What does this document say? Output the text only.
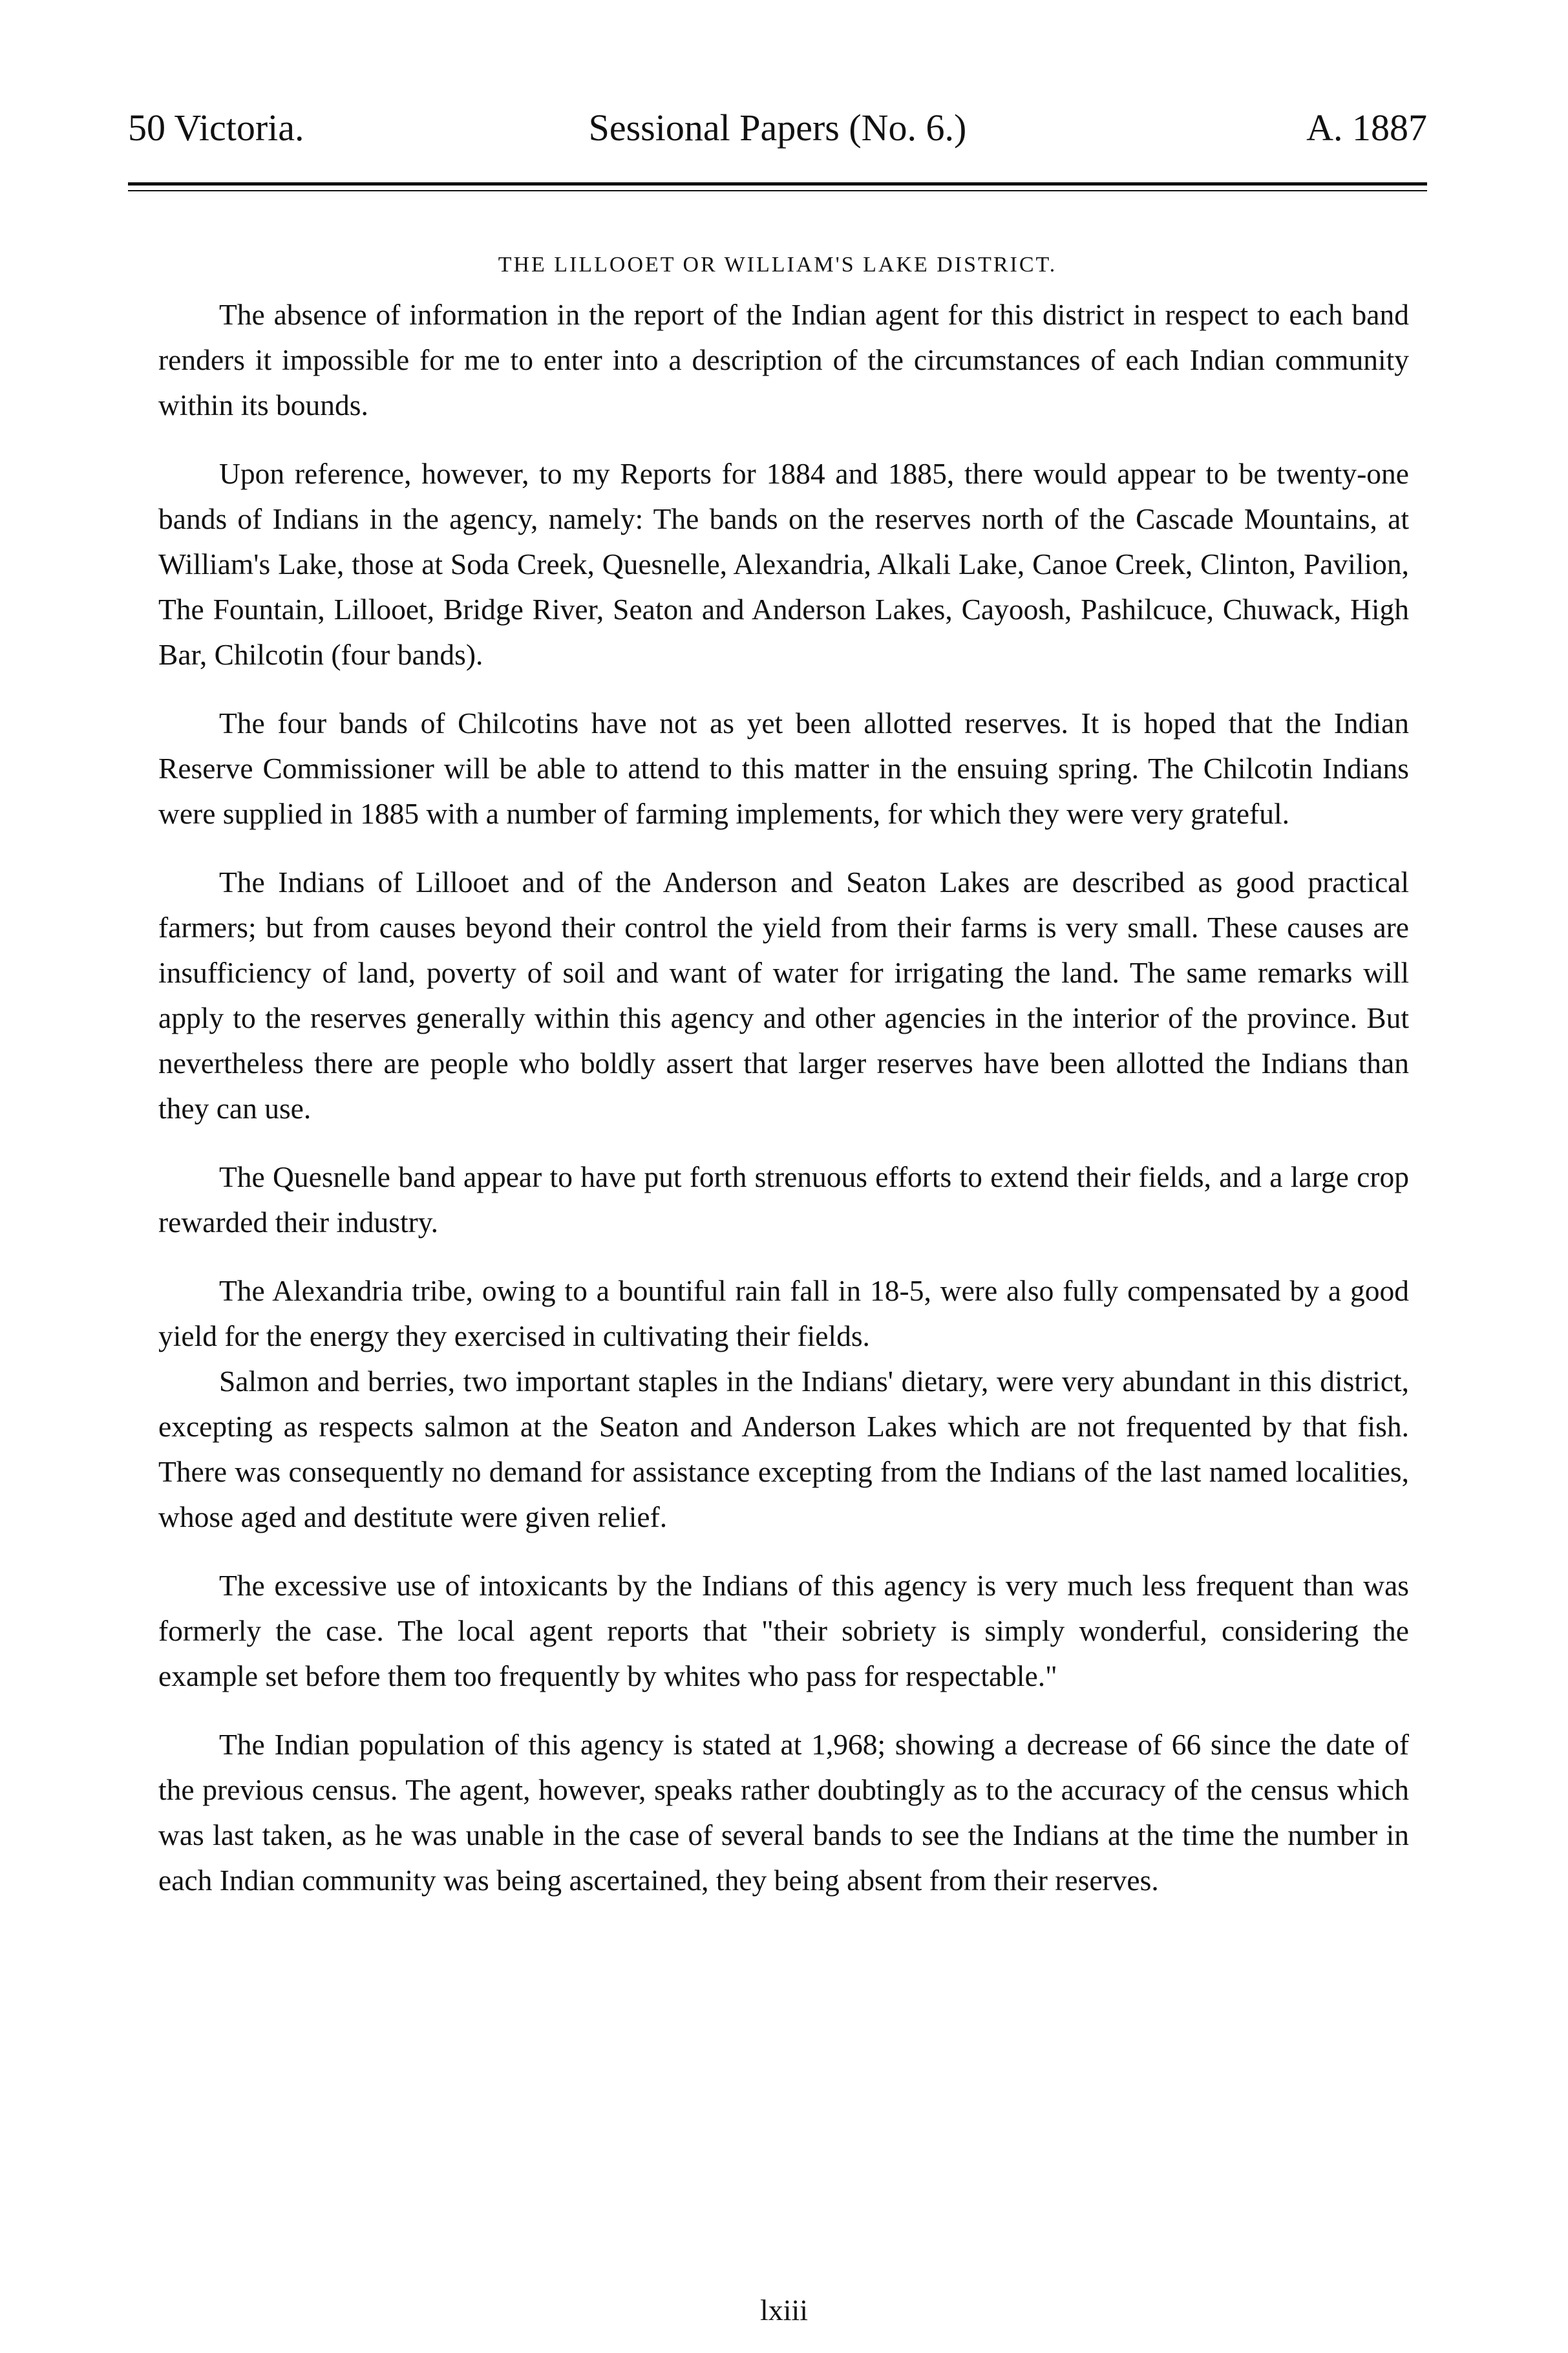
50 Victoria.	Sessional Papers (No. 6.)	A. 1887
THE LILLOOET OR WILLIAM'S LAKE DISTRICT.

The absence of information in the report of the Indian agent for this district in respect to each band renders it impossible for me to enter into a description of the circumstances of each Indian community within its bounds.

Upon reference, however, to my Reports for 1884 and 1885, there would appear to be twenty-one bands of Indians in the agency, namely: The bands on the reserves north of the Cascade Mountains, at William's Lake, those at Soda Creek, Quesnelle, Alexandria, Alkali Lake, Canoe Creek, Clinton, Pavilion, The Fountain, Lillooet, Bridge River, Seaton and Anderson Lakes, Cayoosh, Pashilcuce, Chuwack, High Bar, Chilcotin (four bands).

The four bands of Chilcotins have not as yet been allotted reserves. It is hoped that the Indian Reserve Commissioner will be able to attend to this matter in the ensuing spring. The Chilcotin Indians were supplied in 1885 with a number of farming implements, for which they were very grateful.

The Indians of Lillooet and of the Anderson and Seaton Lakes are described as good practical farmers; but from causes beyond their control the yield from their farms is very small. These causes are insufficiency of land, poverty of soil and want of water for irrigating the land. The same remarks will apply to the reserves generally within this agency and other agencies in the interior of the province. But nevertheless there are people who boldly assert that larger reserves have been allotted the Indians than they can use.

The Quesnelle band appear to have put forth strenuous efforts to extend their fields, and a large crop rewarded their industry.

The Alexandria tribe, owing to a bountiful rain fall in 18-5, were also fully compensated by a good yield for the energy they exercised in cultivating their fields.

Salmon and berries, two important staples in the Indians' dietary, were very abundant in this district, excepting as respects salmon at the Seaton and Anderson Lakes which are not frequented by that fish. There was consequently no demand for assistance excepting from the Indians of the last named localities, whose aged and destitute were given relief.

The excessive use of intoxicants by the Indians of this agency is very much less frequent than was formerly the case. The local agent reports that "their sobriety is simply wonderful, considering the example set before them too frequently by whites who pass for respectable."

The Indian population of this agency is stated at 1,968; showing a decrease of 66 since the date of the previous census. The agent, however, speaks rather doubtingly as to the accuracy of the census which was last taken, as he was unable in the case of several bands to see the Indians at the time the number in each Indian community was being ascertained, they being absent from their reserves.

lxiii
